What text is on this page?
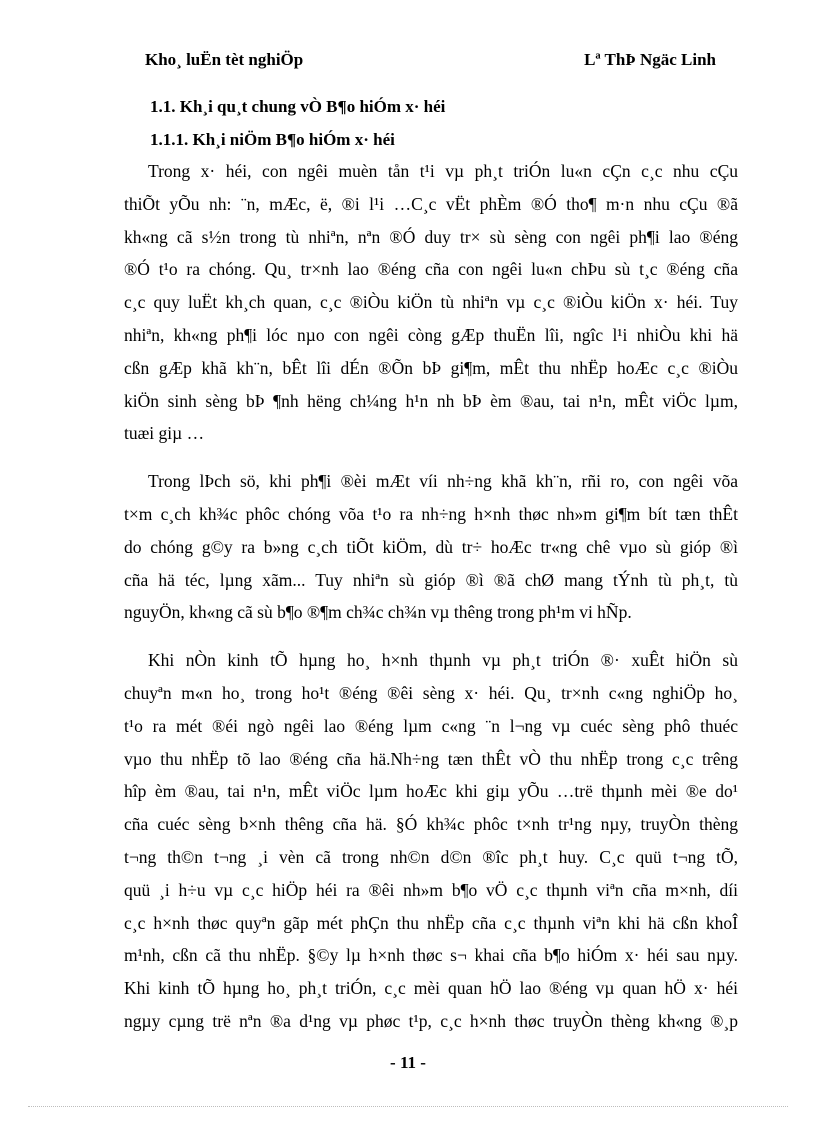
Kho¸ luËn tèt nghiÖp	Lª ThÞ Ngäc Linh
1.1. Kh¸i qu¸t chung vÒ B¶o hiÓm x· héi
1.1.1. Kh¸i niÖm B¶o hiÓm x· héi
Trong x· héi, con ngêi muèn tån t¹i vµ ph¸t triÓn lu«n cÇn c¸c nhu cÇu
thiÕt yÕu nh: ¨n, mÆc, ë, ®i l¹i …C¸c vËt phÈm ®Ó tho¶ m·n nhu cÇu ®ã
kh«ng cã s½n trong tù nhiªn, nªn ®Ó duy tr× sù sèng con ngêi ph¶i lao ®éng
®Ó t¹o ra chóng. Qu¸ tr×nh lao ®éng cña con ngêi lu«n chÞu sù t¸c ®éng cña
c¸c quy luËt kh¸ch quan, c¸c ®iÒu kiÖn tù nhiªn vµ c¸c ®iÒu kiÖn x· héi. Tuy
nhiªn, kh«ng ph¶i lóc nµo con ngêi còng gÆp thuËn lîi, ngîc l¹i nhiÒu khi hä
cßn gÆp khã kh¨n, bÊt lîi dÉn ®Õn bÞ gi¶m, mÊt thu nhËp hoÆc c¸c ®iÒu
kiÖn sinh sèng bÞ ¶nh hëng ch¼ng h¹n nh bÞ èm ®au, tai n¹n, mÊt viÖc lµm,
tuæi giµ …
Trong lÞch sö, khi ph¶i ®èi mÆt víi nh÷ng khã kh¨n, rñi ro, con ngêi võa
t×m c¸ch kh¾c phôc chóng võa t¹o ra nh÷ng h×nh thøc nh»m gi¶m bít tæn thÊt
do chóng g©y ra b»ng c¸ch tiÕt kiÖm, dù tr÷ hoÆc tr«ng chê vµo sù gióp ®ì
cña hä téc, lµng xãm... Tuy nhiªn sù gióp ®ì ®ã chØ mang tÝnh tù ph¸t, tù
nguyÖn, kh«ng cã sù b¶o ®¶m ch¾c ch¾n vµ thêng trong ph¹m vi hÑp.
Khi nÒn kinh tÕ hµng ho¸ h×nh thµnh vµ ph¸t triÓn ®· xuÊt hiÖn sù
chuyªn m«n ho¸ trong ho¹t ®éng ®êi sèng x· héi. Qu¸ tr×nh c«ng nghiÖp ho¸
t¹o ra mét ®éi ngò ngêi lao ®éng lµm c«ng ¨n l¬ng vµ cuéc sèng phô thuéc
vµo thu nhËp tõ lao ®éng cña hä.Nh÷ng tæn thÊt vÒ thu nhËp trong c¸c trêng
hîp èm ®au, tai n¹n, mÊt viÖc lµm hoÆc khi giµ yÕu …trë thµnh mèi ®e do¹
cña cuéc sèng b×nh thêng cña hä. §Ó kh¾c phôc t×nh tr¹ng nµy, truyÒn thèng
t¬ng th©n t¬ng ¸i vèn cã trong nh©n d©n ®îc ph¸t huy. C¸c quü t¬ng tÕ,
quü ¸i h÷u vµ c¸c hiÖp héi ra ®êi nh»m b¶o vÖ c¸c thµnh viªn cña m×nh, díi
c¸c h×nh thøc quyªn gãp mét phÇn thu nhËp cña c¸c thµnh viªn khi hä cßn khoÎ
m¹nh, cßn cã thu nhËp. §©y lµ h×nh thøc s¬ khai cña b¶o hiÓm x· héi sau nµy.
Khi kinh tÕ hµng ho¸ ph¸t triÓn, c¸c mèi quan hÖ lao ®éng vµ quan hÖ x· héi
ngµy cµng trë nªn ®a d¹ng vµ phøc t¹p, c¸c h×nh thøc truyÒn thèng kh«ng ®¸p
- 11 -
